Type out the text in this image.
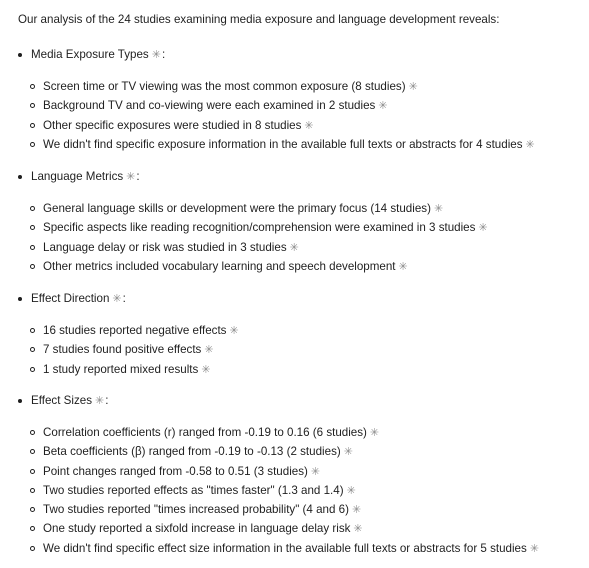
Our analysis of the 24 studies examining media exposure and language development reveals:
Media Exposure Types ✳:
Screen time or TV viewing was the most common exposure (8 studies) ✳
Background TV and co-viewing were each examined in 2 studies ✳
Other specific exposures were studied in 8 studies ✳
We didn't find specific exposure information in the available full texts or abstracts for 4 studies ✳
Language Metrics ✳:
General language skills or development were the primary focus (14 studies) ✳
Specific aspects like reading recognition/comprehension were examined in 3 studies ✳
Language delay or risk was studied in 3 studies ✳
Other metrics included vocabulary learning and speech development ✳
Effect Direction ✳:
16 studies reported negative effects ✳
7 studies found positive effects ✳
1 study reported mixed results ✳
Effect Sizes ✳:
Correlation coefficients (r) ranged from -0.19 to 0.16 (6 studies) ✳
Beta coefficients (β) ranged from -0.19 to -0.13 (2 studies) ✳
Point changes ranged from -0.58 to 0.51 (3 studies) ✳
Two studies reported effects as "times faster" (1.3 and 1.4) ✳
Two studies reported "times increased probability" (4 and 6) ✳
One study reported a sixfold increase in language delay risk ✳
We didn't find specific effect size information in the available full texts or abstracts for 5 studies ✳
